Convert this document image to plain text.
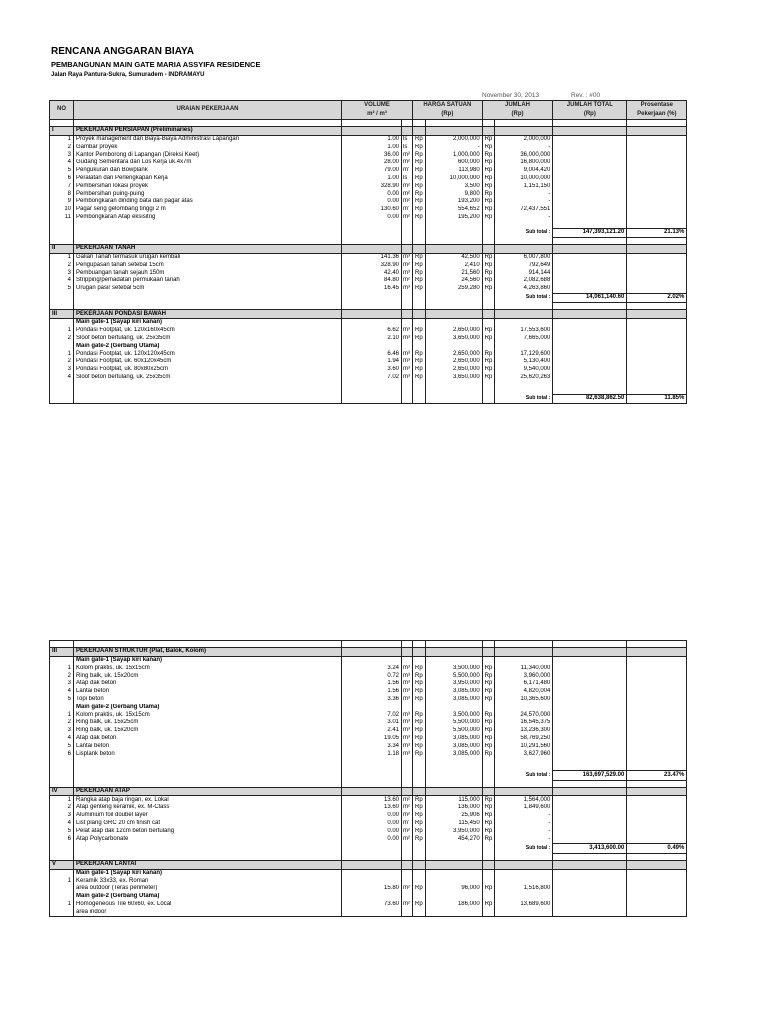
RENCANA ANGGARAN BIAYA
PEMBANGUNAN MAIN GATE MARIA ASSYIFA RESIDENCE
Jalan Raya Pantura-Sukra, Sumuradem - INDRAMAYU
November 30, 2013	Rev. : #00
NO	URAIAN PEKERJAAN	VOLUME		HARGA SATUAN		JUMLAH		JUMLAH TOTAL	Prosentase
		m² / m³		(Rp)		(Rp)		(Rp)	Pekerjaan (%)

I	PEKERJAAN PERSIAPAN (Preliminaries)								
1	Proyek management dan Biaya-Biaya Administrasi Lapangan	1.00	ls	Rp	2,000,000	Rp	2,000,000		
2	Gambar proyek	1.00	ls	Rp	-	Rp	-		
3	Kantor Pemborong di Lapangan (Direksi Keet)	36.00	m²	Rp	1,000,000	Rp	36,000,000		
4	Gudang Sementara dan Los Kerja uk.4x7m	28.00	m²	Rp	600,000	Rp	16,800,000		
5	Pengukuran dan Bowplank	79.00	m'	Rp	113,980	Rp	9,004,420		
6	Peralatan dan Perlengkapan Kerja	1.00	ls	Rp	10,000,000	Rp	10,000,000		
7	Pembersihan lokasi proyek	328.90	m²	Rp	3,500	Rp	1,151,150		
8	Pembersihan puing-puing	0.00	m²	Rp	9,800	Rp	-		
9	Pembongkaran dinding bata dan pagar atas	0.00	m²	Rp	193,200	Rp	-		
10	Pagar seng gelombang tinggi 2 m	130.60	m'	Rp	554,652	Rp	72,437,551		
11	Pembongkaran Atap eksisitng	0.00	m²	Rp	195,200	Rp	-		

							Sub total :	147,393,121.20	21.13%

II	PEKERJAAN TANAH								
1	Galian Tanah termasuk urugan kembali	141.36	m³	Rp	42,500	Rp	6,007,800		
2	Pengupasan tanah setebal 15cm	328.90	m²	Rp	2,410	Rp	792,649		
3	Pembuangan tanah sejauh 150m	42.40	m³	Rp	21,560	Rp	914,144		
4	Stripping/pemadatan permukaan tanah	84.80	m²	Rp	24,560	Rp	2,082,688		
5	Urugan pasir setebal 5cm	16.45	m³	Rp	259,280	Rp	4,263,860		
							Sub total :	14,061,140.60	2.02%

III	PEKERJAAN PONDASI BAWAH								
	Main gate-1 (Sayap kiri kanan)								
1	Pondasi Footplat, uk. 120x160x45cm	6.62	m³	Rp	2,650,000	Rp	17,553,600		
2	Sloof beton bertulang, uk. 25x35cm	2.10	m³	Rp	3,650,000	Rp	7,665,000		
	Main gate-2 (Gerbang Utama)								
1	Pondasi Footplat, uk. 120x120x45cm	6.46	m³	Rp	2,650,000	Rp	17,129,600		
2	Pondasi Footplat, uk. 60x120x45cm	1.94	m³	Rp	2,650,000	Rp	5,130,400		
3	Pondasi Footplat, uk. 80x80x25cm	3.60	m³	Rp	2,650,000	Rp	9,540,000		
4	Sloof beton bertulang, uk. 25x35cm	7.02	m³	Rp	3,650,000	Rp	25,620,263		

							Sub total :	82,638,862.50	11.85%

III	PEKERJAAN STRUKTUR (Plat, Balok, Kolom)								
	Main gate-1 (Sayap kiri kanan)								
1	Kolom praktis, uk. 15x15cm	3.24	m³	Rp	3,500,000	Rp	11,340,000		
2	Ring balk, uk. 15x20cm	0.72	m³	Rp	5,500,000	Rp	3,960,000		
3	Atap dak beton	1.56	m³	Rp	3,950,000	Rp	6,171,480		
4	Lantai beton	1.56	m³	Rp	3,085,000	Rp	4,820,004		
5	Topi beton	3.36	m³	Rp	3,085,000	Rp	10,365,600		
	Main gate-2 (Gerbang Utama)								
1	Kolom praktis, uk. 15x15cm	7.02	m³	Rp	3,500,000	Rp	24,570,000		
2	Ring balk, uk. 15x25cm	3.01	m³	Rp	5,500,000	Rp	16,545,375		
3	Ring balk, uk. 15x20cm	2.41	m³	Rp	5,500,000	Rp	13,236,300		
4	Atap dak beton	19.05	m³	Rp	3,085,000	Rp	58,769,250		
5	Lantai beton	3.34	m³	Rp	3,085,000	Rp	10,291,560		
6	Lisplank beton	1.18	m³	Rp	3,085,000	Rp	3,627,960		

							Sub total :	163,697,529.00	23.47%

IV	PEKERJAAN ATAP								
1	Rangka atap baja ringan, ex. Lokal	13.60	m²	Rp	115,000	Rp	1,564,000		
2	Atap genteng keramik, ex. M-Class	13.60	m²	Rp	136,000	Rp	1,849,600		
3	Aluminium foil doubel layer	0.00	m²	Rp	25,906	Rp	-		
4	List plang GRC 20 cm finish cat	0.00	m'	Rp	115,450	Rp	-		
5	Pelat atap dak 12cm beton bertulang	0.00	m²	Rp	3,950,000	Rp	-		
6	Atap Polycarbonate	0.00	m²	Rp	454,270	Rp	-		
							Sub total :	3,413,600.00	0.49%

V	PEKERJAAN LANTAI								
	Main gate-1 (Sayap kiri kanan)								
1	Keramik 33x33, ex. Roman								
	area outdoor (Teras perimeter)	15.80	m²	Rp	96,000	Rp	1,516,800		
	Main gate-2 (Gerbang Utama)								
1	Homogeneous Tile 60x60, ex. Local	73.60	m²	Rp	186,000	Rp	13,689,600		
	area indoor								
